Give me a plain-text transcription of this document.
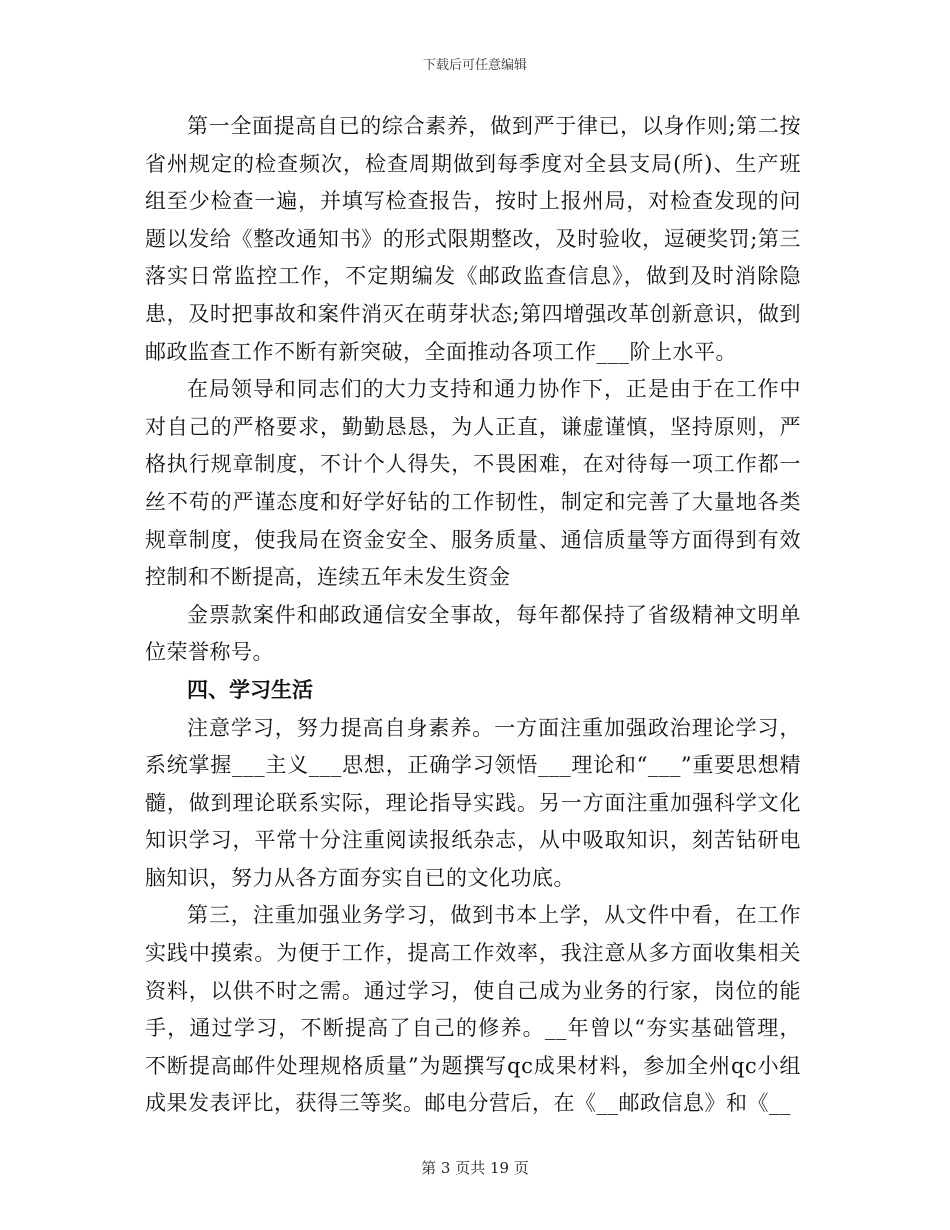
下载后可任意编辑

第一全面提高自已的综合素养，做到严于律已，以身作则;第二按省州规定的检查频次，检查周期做到每季度对全县支局(所)、生产班组至少检查一遍，并填写检查报告，按时上报州局，对检查发现的问题以发给《整改通知书》的形式限期整改，及时验收，逗硬奖罚;第三落实日常监控工作，不定期编发《邮政监查信息》，做到及时消除隐患，及时把事故和案件消灭在萌芽状态;第四增强改革创新意识，做到邮政监查工作不断有新突破，全面推动各项工作___阶上水平。

在局领导和同志们的大力支持和通力协作下，正是由于在工作中对自己的严格要求，勤勤恳恳，为人正直，谦虚谨慎，坚持原则，严格执行规章制度，不计个人得失，不畏困难，在对待每一项工作都一丝不苟的严谨态度和好学好钻的工作韧性，制定和完善了大量地各类规章制度，使我局在资金安全、服务质量、通信质量等方面得到有效控制和不断提高，连续五年未发生资金

金票款案件和邮政通信安全事故，每年都保持了省级精神文明单位荣誉称号。

四、学习生活

注意学习，努力提高自身素养。一方面注重加强政治理论学习，系统掌握___主义___思想，正确学习领悟___理论和“___”重要思想精髓，做到理论联系实际，理论指导实践。另一方面注重加强科学文化知识学习，平常十分注重阅读报纸杂志，从中吸取知识，刻苦钻研电脑知识，努力从各方面夯实自已的文化功底。

第三，注重加强业务学习，做到书本上学，从文件中看，在工作实践中摸索。为便于工作，提高工作效率，我注意从多方面收集相关资料，以供不时之需。通过学习，使自己成为业务的行家，岗位的能手，通过学习，不断提高了自己的修养。__年曾以“夯实基础管理，不断提高邮件处理规格质量”为题撰写qc成果材料，参加全州qc小组成果发表评比，获得三等奖。邮电分营后，在《__邮政信息》和《__

第 3 页共 19 页
